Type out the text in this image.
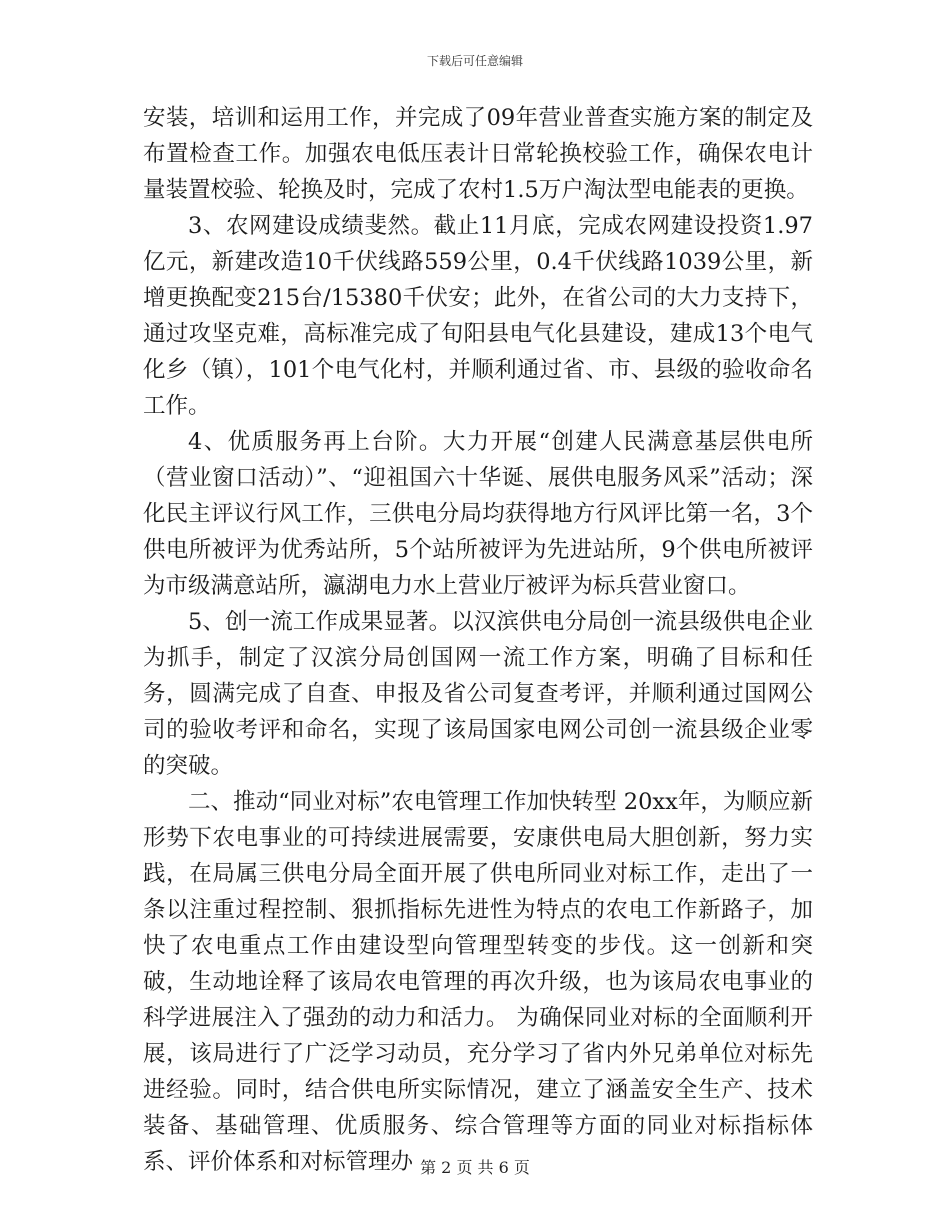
下载后可任意编辑

安装，培训和运用工作，并完成了09年营业普查实施方案的制定及布置检查工作。加强农电低压表计日常轮换校验工作，确保农电计量装置校验、轮换及时，完成了农村1.5万户淘汰型电能表的更换。

3、农网建设成绩斐然。截止11月底，完成农网建设投资1.97亿元，新建改造10千伏线路559公里，0.4千伏线路1039公里，新增更换配变215台/15380千伏安；此外，在省公司的大力支持下，通过攻坚克难，高标准完成了旬阳县电气化县建设，建成13个电气化乡（镇），101个电气化村，并顺利通过省、市、县级的验收命名工作。

4、优质服务再上台阶。大力开展“创建人民满意基层供电所（营业窗口活动）”、“迎祖国六十华诞、展供电服务风采”活动；深化民主评议行风工作，三供电分局均获得地方行风评比第一名，3个供电所被评为优秀站所，5个站所被评为先进站所，9个供电所被评为市级满意站所，瀛湖电力水上营业厅被评为标兵营业窗口。

5、创一流工作成果显著。以汉滨供电分局创一流县级供电企业为抓手，制定了汉滨分局创国网一流工作方案，明确了目标和任务，圆满完成了自查、申报及省公司复查考评，并顺利通过国网公司的验收考评和命名，实现了该局国家电网公司创一流县级企业零的突破。

二、推动“同业对标”农电管理工作加快转型 20xx年，为顺应新形势下农电事业的可持续进展需要，安康供电局大胆创新，努力实践，在局属三供电分局全面开展了供电所同业对标工作，走出了一条以注重过程控制、狠抓指标先进性为特点的农电工作新路子，加快了农电重点工作由建设型向管理型转变的步伐。这一创新和突破，生动地诠释了该局农电管理的再次升级，也为该局农电事业的科学进展注入了强劲的动力和活力。 为确保同业对标的全面顺利开展，该局进行了广泛学习动员，充分学习了省内外兄弟单位对标先进经验。同时，结合供电所实际情况，建立了涵盖安全生产、技术装备、基础管理、优质服务、综合管理等方面的同业对标指标体系、评价体系和对标管理办 第 2 页 共 6 页
